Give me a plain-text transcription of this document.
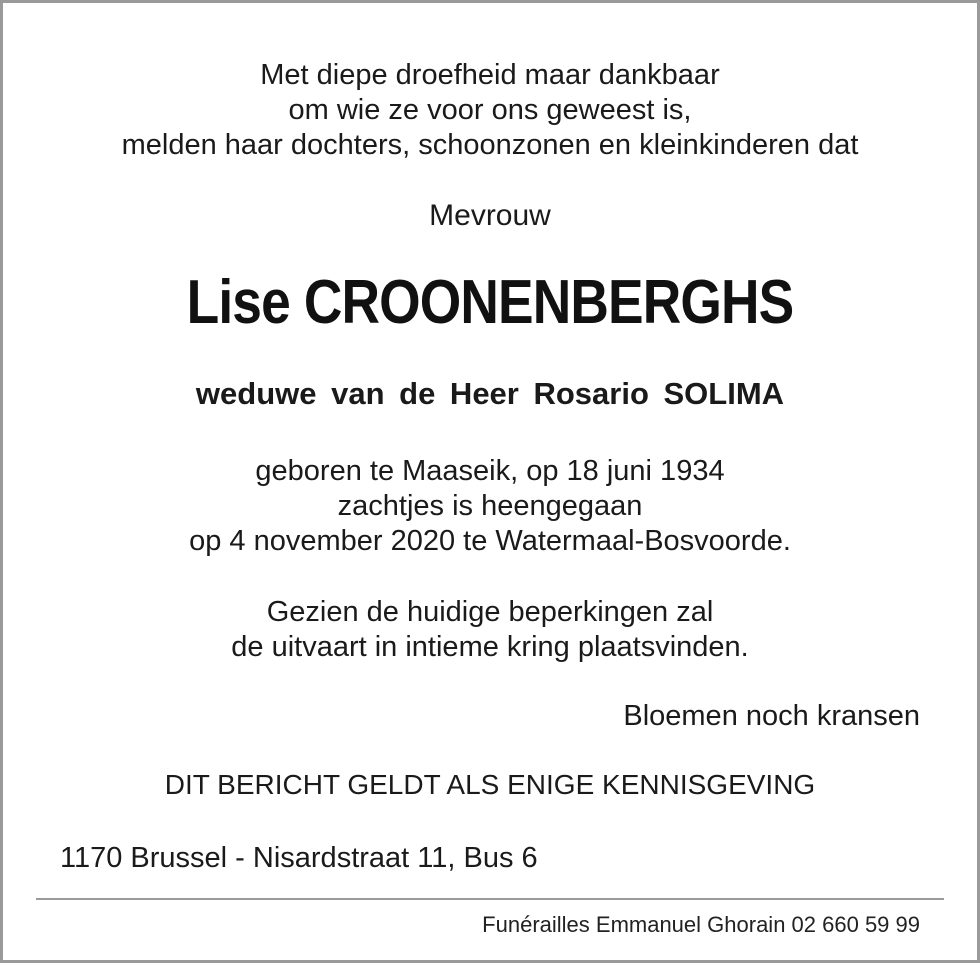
Met diepe droefheid maar dankbaar
om wie ze voor ons geweest is,
melden haar dochters, schoonzonen en kleinkinderen dat
Mevrouw
Lise CROONENBERGHS
weduwe van de Heer Rosario SOLIMA
geboren te Maaseik, op 18 juni 1934
zachtjes is heengegaan
op 4 november 2020 te Watermaal-Bosvoorde.
Gezien de huidige beperkingen zal
de uitvaart in intieme kring plaatsvinden.
Bloemen noch kransen
DIT BERICHT GELDT ALS ENIGE KENNISGEVING
1170 Brussel - Nisardstraat 11, Bus 6
Funérailles Emmanuel Ghorain 02 660 59 99
